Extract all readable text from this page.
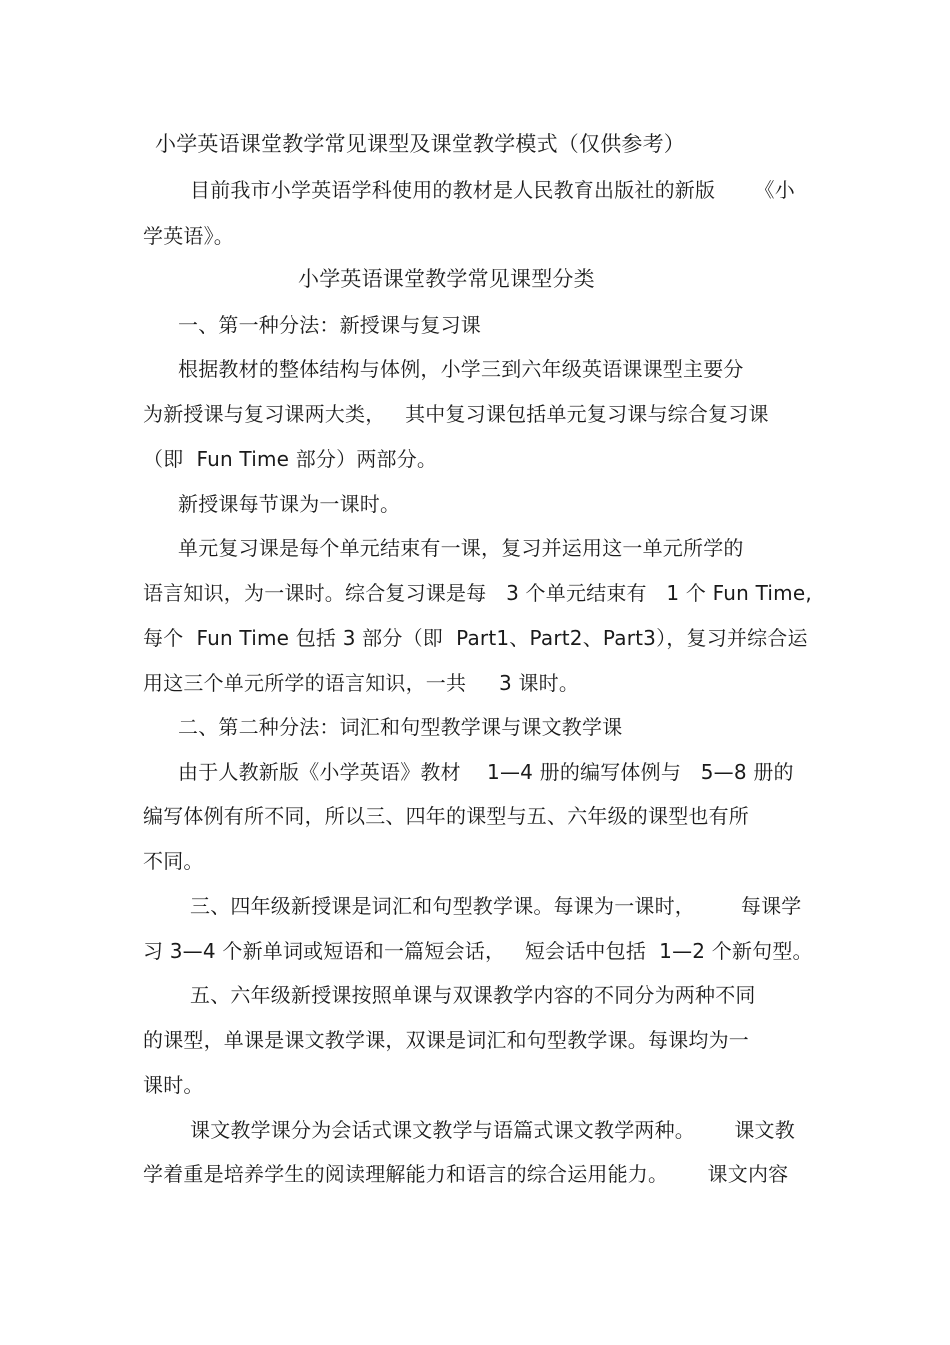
小学英语课堂教学常见课型及课堂教学模式（仅供参考）
目前我市小学英语学科使用的教材是人民教育出版社的新版      《小
学英语》。
小学英语课堂教学常见课型分类
一、第一种分法：新授课与复习课
根据教材的整体结构与体例，小学三到六年级英语课课型主要分
为新授课与复习课两大类，   其中复习课包括单元复习课与综合复习课
（即  Fun Time 部分）两部分。
新授课每节课为一课时。
单元复习课是每个单元结束有一课，复习并运用这一单元所学的
语言知识，为一课时。综合复习课是每   3 个单元结束有   1 个 Fun Time,
每个  Fun Time 包括 3 部分（即  Part1、Part2、Part3），复习并综合运
用这三个单元所学的语言知识，一共     3 课时。
二、第二种分法：词汇和句型教学课与课文教学课
由于人教新版《小学英语》教材    1—4 册的编写体例与   5—8 册的
编写体例有所不同，所以三、四年的课型与五、六年级的课型也有所
不同。
三、四年级新授课是词汇和句型教学课。每课为一课时，       每课学
习 3—4 个新单词或短语和一篇短会话，   短会话中包括  1—2 个新句型。
五、六年级新授课按照单课与双课教学内容的不同分为两种不同
的课型，单课是课文教学课，双课是词汇和句型教学课。每课均为一
课时。
课文教学课分为会话式课文教学与语篇式课文教学两种。      课文教
学着重是培养学生的阅读理解能力和语言的综合运用能力。      课文内容
